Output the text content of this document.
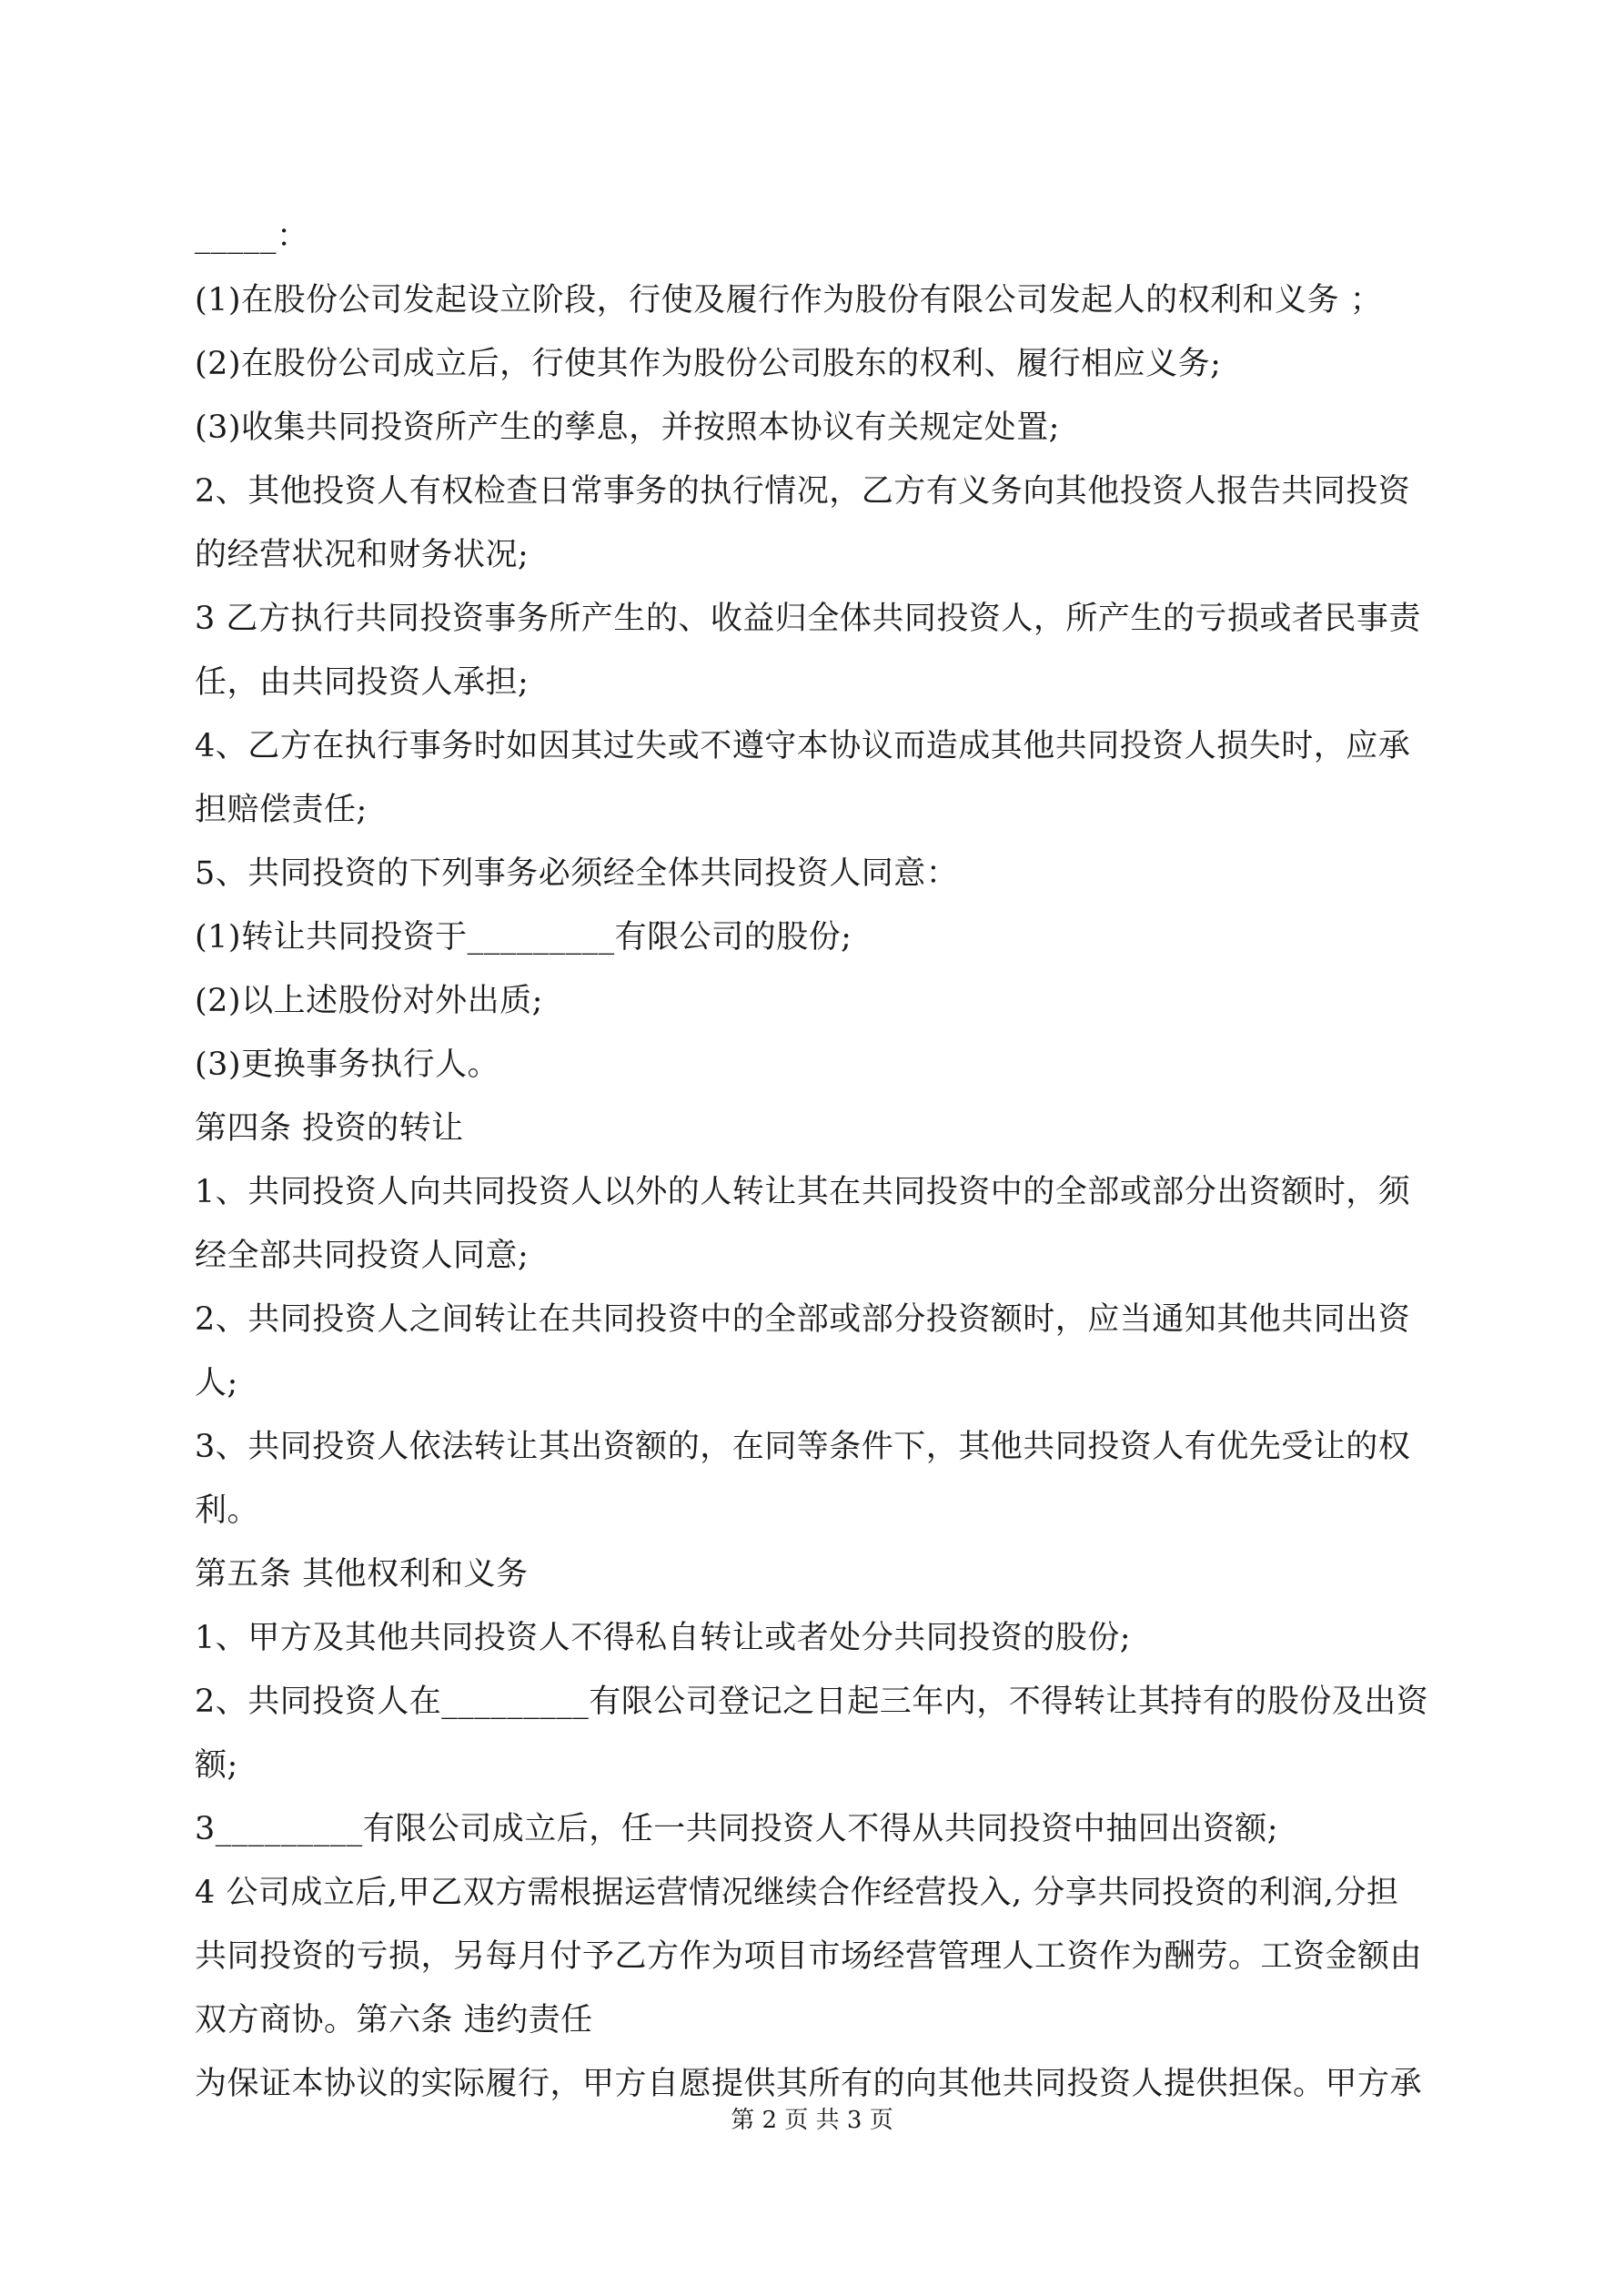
_____：
(1)在股份公司发起设立阶段，行使及履行作为股份有限公司发起人的权利和义务 ；
(2)在股份公司成立后，行使其作为股份公司股东的权利、履行相应义务;
(3)收集共同投资所产生的孳息，并按照本协议有关规定处置;
2、其他投资人有权检查日常事务的执行情况，乙方有义务向其他投资人报告共同投资
的经营状况和财务状况;
3 乙方执行共同投资事务所产生的、收益归全体共同投资人，所产生的亏损或者民事责
任，由共同投资人承担;
4、乙方在执行事务时如因其过失或不遵守本协议而造成其他共同投资人损失时，应承
担赔偿责任;
5、共同投资的下列事务必须经全体共同投资人同意：
(1)转让共同投资于_________有限公司的股份;
(2)以上述股份对外出质;
(3)更换事务执行人。
第四条 投资的转让
1、共同投资人向共同投资人以外的人转让其在共同投资中的全部或部分出资额时，须
经全部共同投资人同意;
2、共同投资人之间转让在共同投资中的全部或部分投资额时，应当通知其他共同出资
人;
3、共同投资人依法转让其出资额的，在同等条件下，其他共同投资人有优先受让的权
利。
第五条 其他权利和义务
1、甲方及其他共同投资人不得私自转让或者处分共同投资的股份;
2、共同投资人在_________有限公司登记之日起三年内，不得转让其持有的股份及出资
额;
3_________有限公司成立后，任一共同投资人不得从共同投资中抽回出资额;
4 公司成立后,甲乙双方需根据运营情况继续合作经营投入, 分享共同投资的利润,分担
共同投资的亏损，另每月付予乙方作为项目市场经营管理人工资作为酬劳。工资金额由
双方商协。第六条 违约责任
为保证本协议的实际履行，甲方自愿提供其所有的向其他共同投资人提供担保。甲方承
第 2 页 共 3 页
